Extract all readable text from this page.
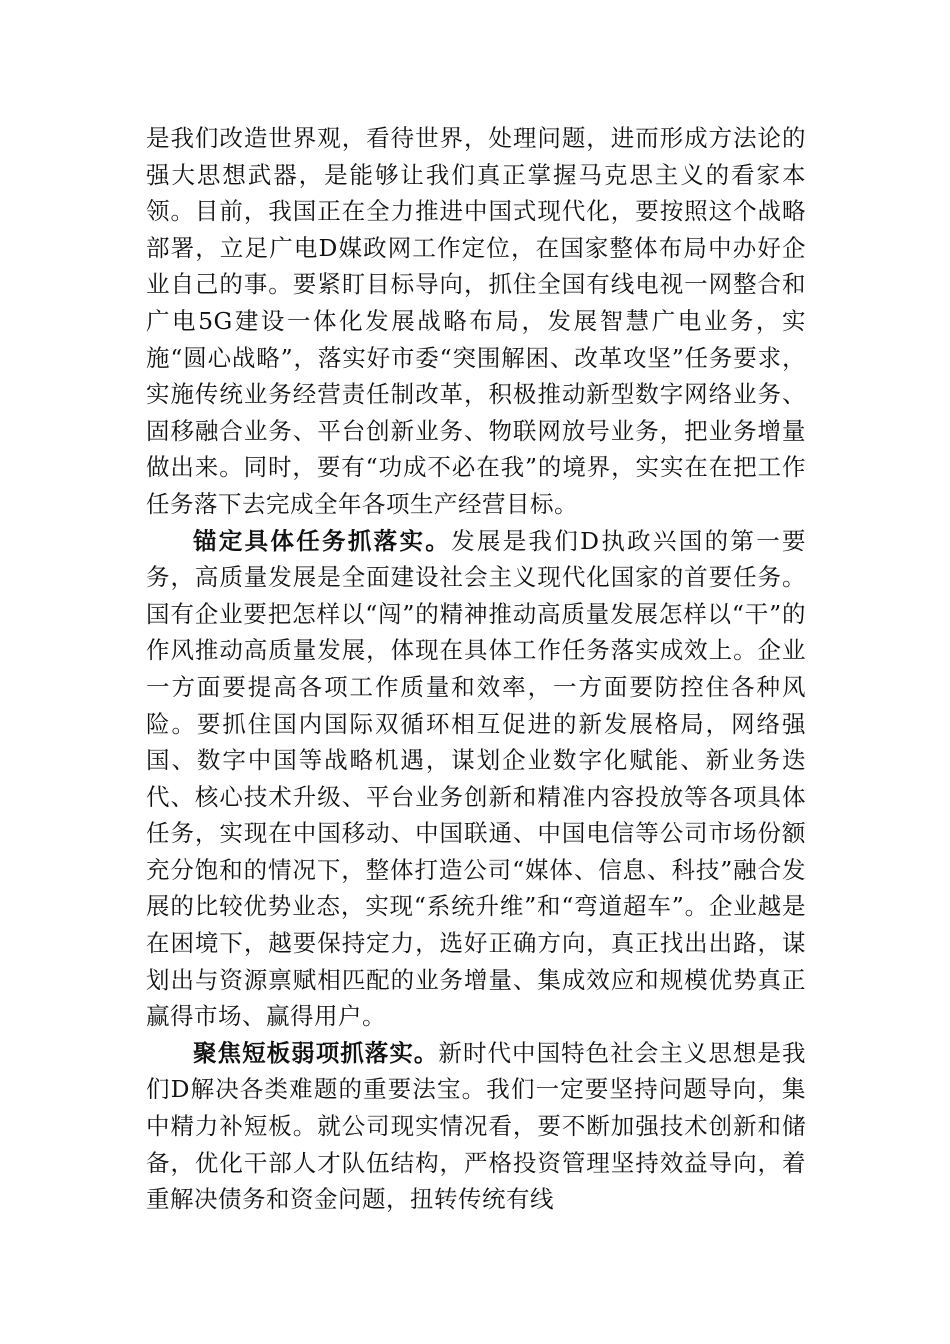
是我们改造世界观，看待世界，处理问题，进而形成方法论的强大思想武器，是能够让我们真正掌握马克思主义的看家本领。目前，我国正在全力推进中国式现代化，要按照这个战略部署，立足广电D媒政网工作定位，在国家整体布局中办好企业自己的事。要紧盯目标导向，抓住全国有线电视一网整合和广电5G建设一体化发展战略布局，发展智慧广电业务，实施“圆心战略”，落实好市委“突围解困、改革攻坚”任务要求，实施传统业务经营责任制改革，积极推动新型数字网络业务、固移融合业务、平台创新业务、物联网放号业务，把业务增量做出来。同时，要有“功成不必在我”的境界，实实在在把工作任务落下去完成全年各项生产经营目标。

锚定具体任务抓落实。发展是我们D执政兴国的第一要务，高质量发展是全面建设社会主义现代化国家的首要任务。国有企业要把怎样以“闯”的精神推动高质量发展怎样以“干”的作风推动高质量发展，体现在具体工作任务落实成效上。企业一方面要提高各项工作质量和效率，一方面要防控住各种风险。要抓住国内国际双循环相互促进的新发展格局，网络强国、数字中国等战略机遇，谋划企业数字化赋能、新业务迭代、核心技术升级、平台业务创新和精准内容投放等各项具体任务，实现在中国移动、中国联通、中国电信等公司市场份额充分饱和的情况下，整体打造公司“媒体、信息、科技”融合发展的比较优势业态，实现“系统升维”和“弯道超车”。企业越是在困境下，越要保持定力，选好正确方向，真正找出出路，谋划出与资源禀赋相匹配的业务增量、集成效应和规模优势真正赢得市场、赢得用户。

聚焦短板弱项抓落实。新时代中国特色社会主义思想是我们D解决各类难题的重要法宝。我们一定要坚持问题导向，集中精力补短板。就公司现实情况看，要不断加强技术创新和储备，优化干部人才队伍结构，严格投资管理坚持效益导向，着重解决债务和资金问题，扭转传统有线
